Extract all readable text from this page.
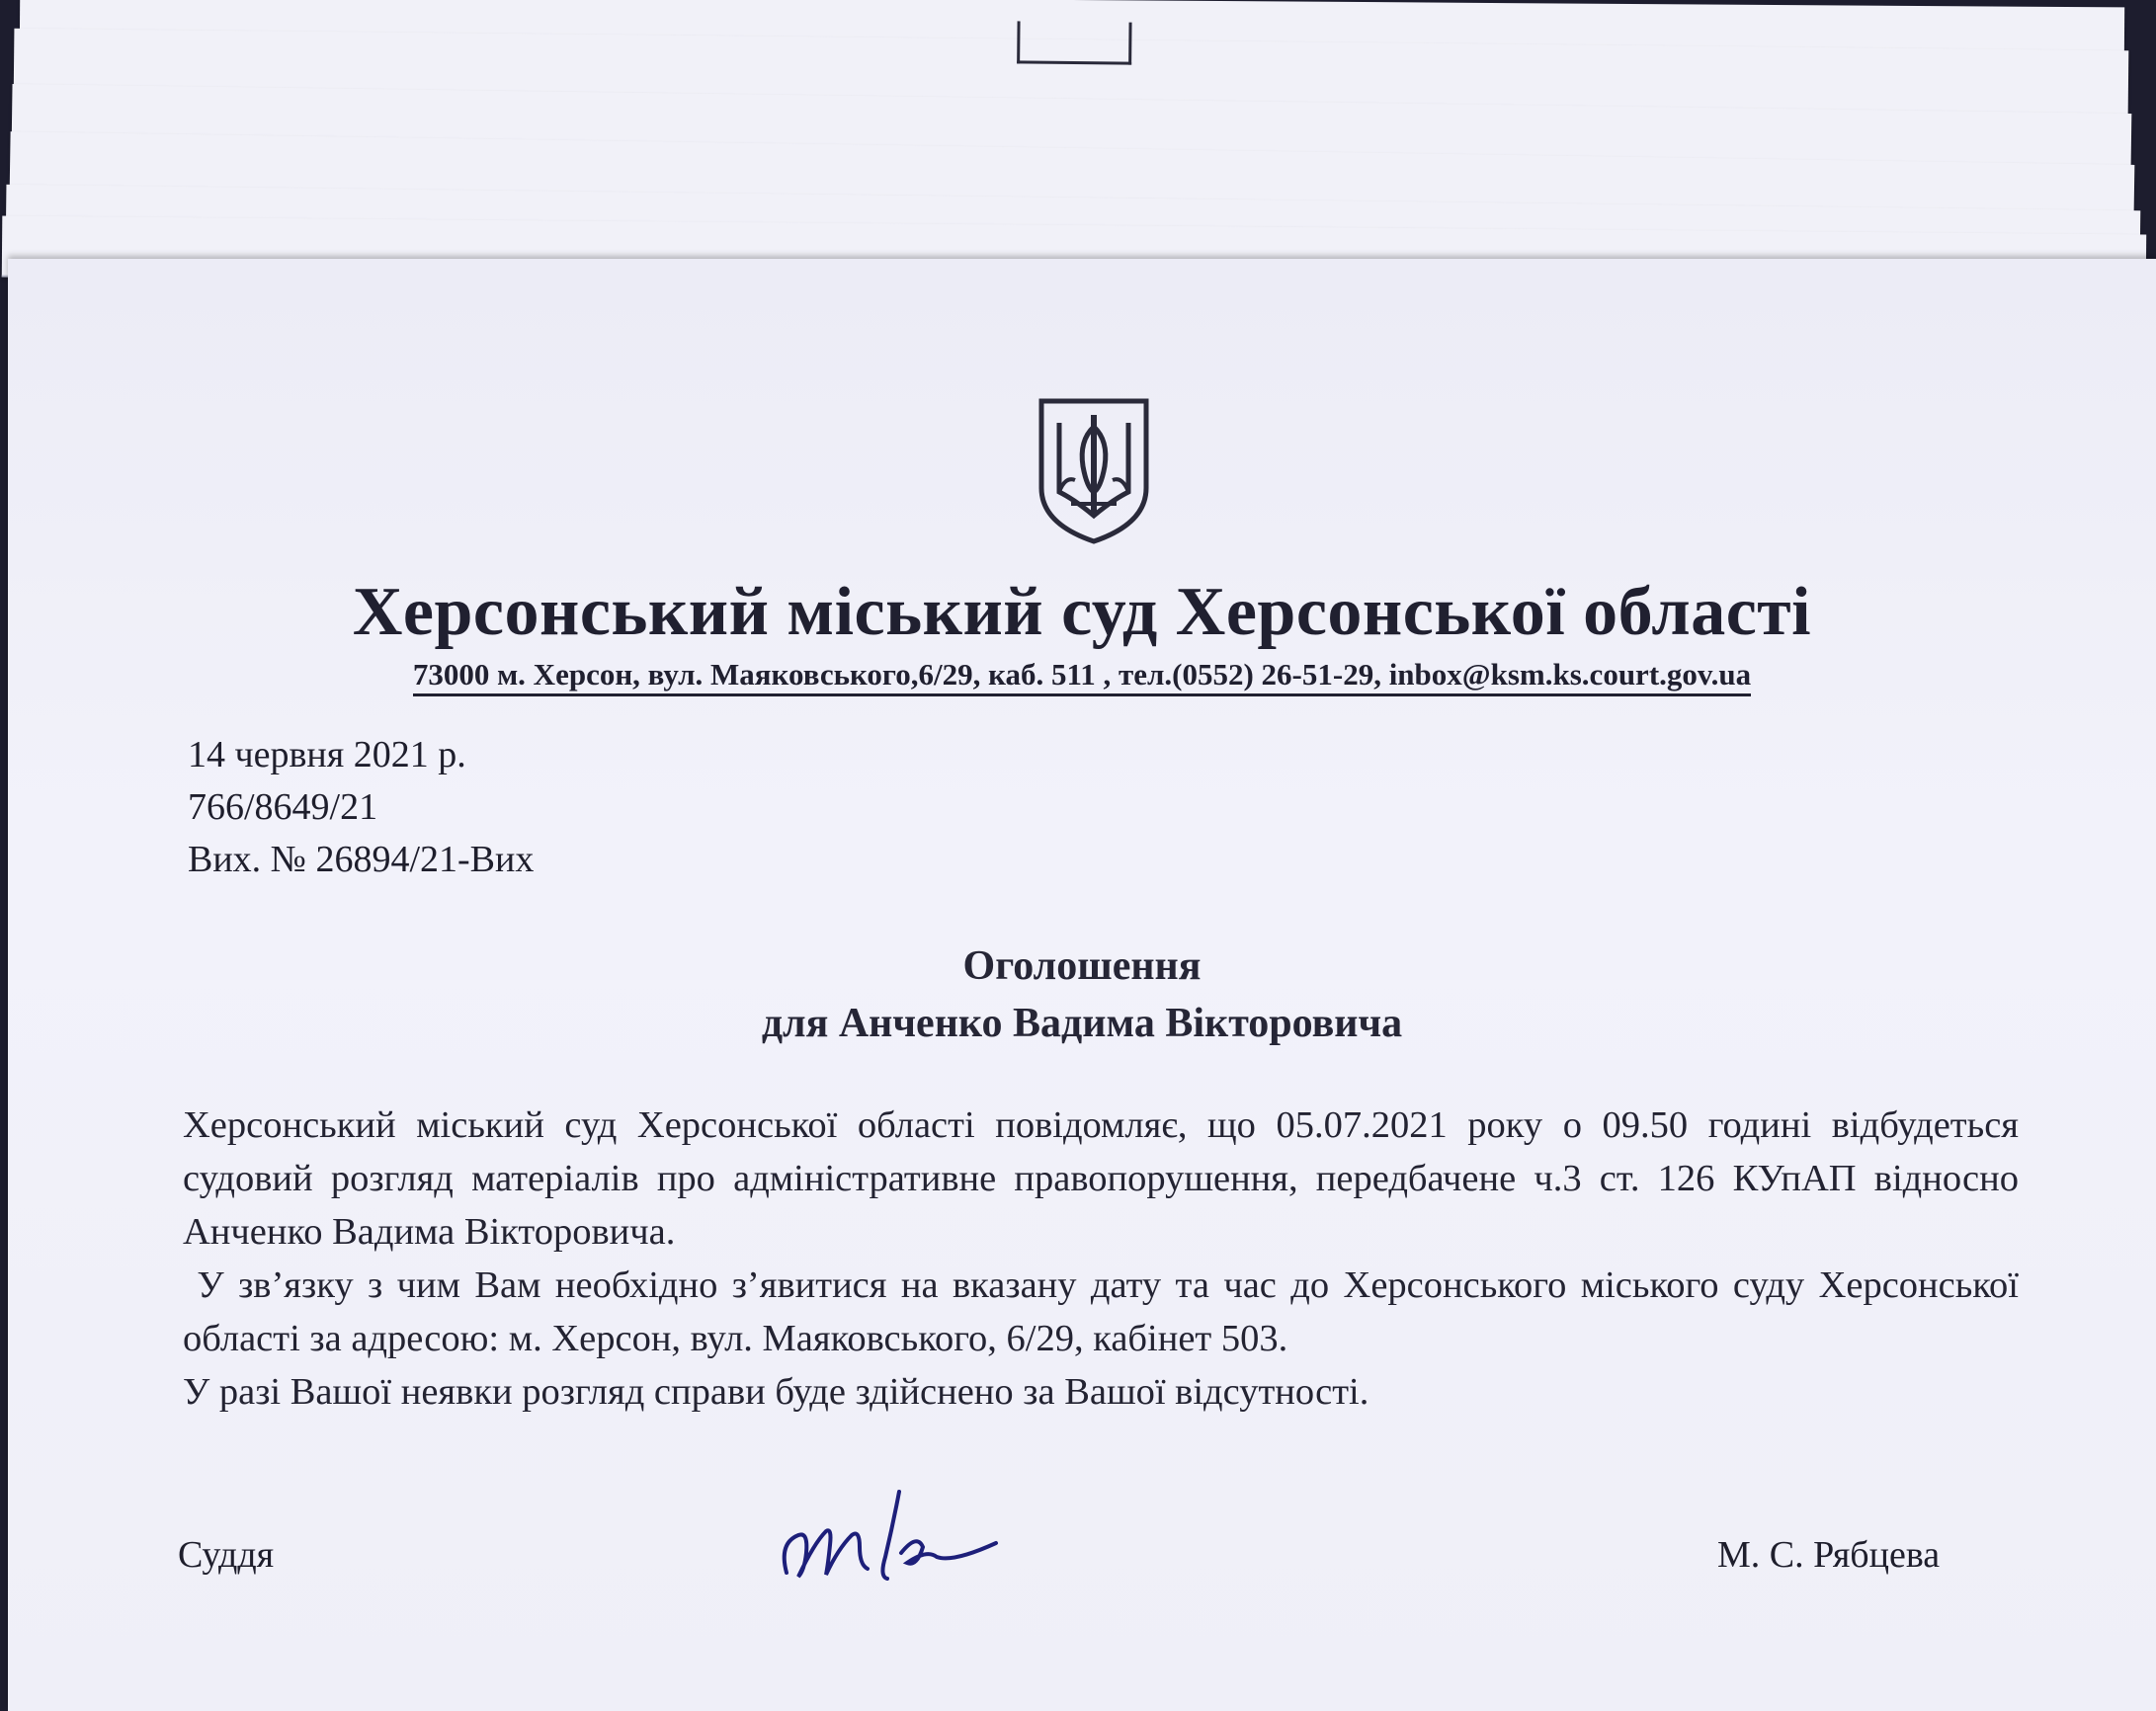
Херсонський міський суд Херсонської області
73000 м. Херсон, вул. Маяковського,6/29, каб. 511 , тел.(0552) 26-51-29, inbox@ksm.ks.court.gov.ua
14 червня 2021 р.
766/8649/21
Вих. № 26894/21-Вих
Оголошення
для Анченко Вадима Вікторовича

Херсонський міський суд Херсонської області повідомляє, що 05.07.2021 року о 09.50 годині відбудеться судовий розгляд матеріалів про адміністративне правопорушення, передбачене ч.3 ст. 126 КУпАП відносно Анченко Вадима Вікторовича.

У зв’язку з чим Вам необхідно з’явитися на вказану дату та час до Херсонського міського суду Херсонської області за адресою: м. Херсон, вул. Маяковського, 6/29, кабінет 503.

У разі Вашої неявки розгляд справи буде здійснено за Вашої відсутності.

Суддя	М. С. Рябцева
